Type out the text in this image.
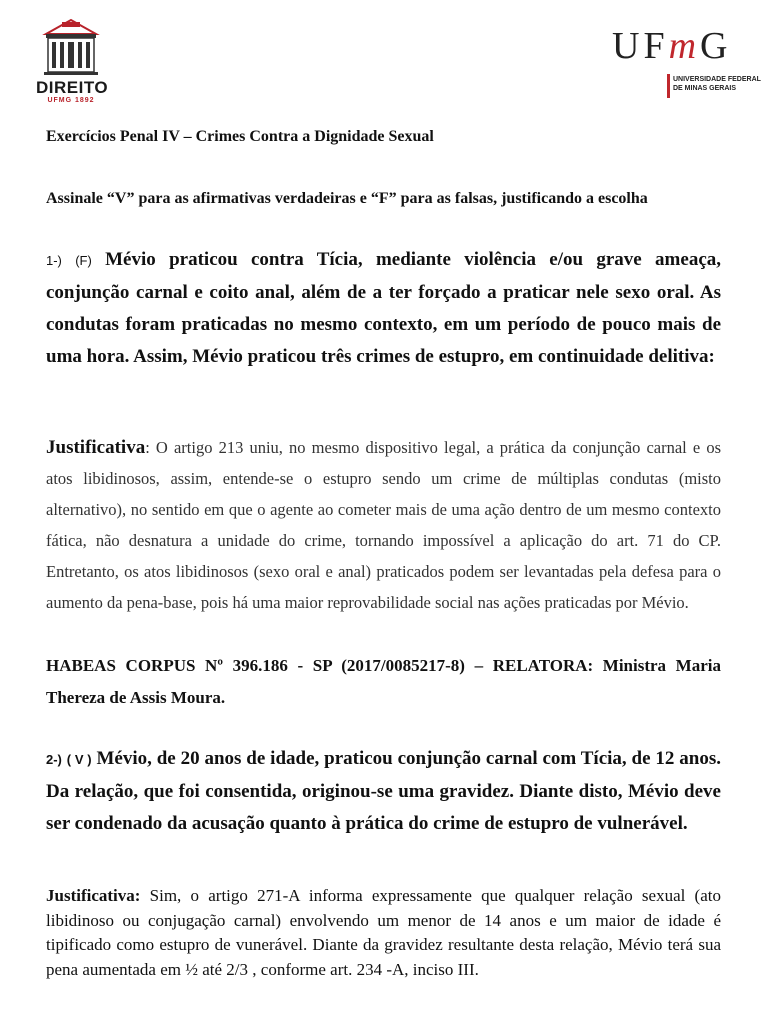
DIREITO
UFMG 1892
UFmG
UNIVERSIDADE FEDERAL
DE MINAS GERAIS
Exercícios Penal IV – Crimes Contra a Dignidade Sexual
Assinale “V” para as afirmativas verdadeiras e “F” para as falsas, justificando a escolha
1-) (F) Mévio praticou contra Tícia, mediante violência e/ou grave ameaça, conjunção carnal e coito anal, além de a ter forçado a praticar nele sexo oral. As condutas foram praticadas no mesmo contexto, em um período de pouco mais de uma hora. Assim, Mévio praticou três crimes de estupro, em continuidade delitiva:
Justificativa: O artigo 213 uniu, no mesmo dispositivo legal, a prática da conjunção carnal e os atos libidinosos, assim, entende-se o estupro sendo um crime de múltiplas condutas (misto alternativo), no sentido em que o agente ao cometer mais de uma ação dentro de um mesmo contexto fática, não desnatura a unidade do crime, tornando impossível a aplicação do art. 71 do CP. Entretanto, os atos libidinosos (sexo oral e anal) praticados podem ser levantadas pela defesa para o aumento da pena-base, pois há uma maior reprovabilidade social nas ações praticadas por Mévio.
HABEAS CORPUS Nº 396.186 - SP (2017/0085217-8) – RELATORA: Ministra Maria Thereza de Assis Moura.
2-) ( V ) Mévio, de 20 anos de idade, praticou conjunção carnal com Tícia, de 12 anos. Da relação, que foi consentida, originou-se uma gravidez. Diante disto, Mévio deve ser condenado da acusação quanto à prática do crime de estupro de vulnerável.
Justificativa: Sim, o artigo 271-A informa expressamente que qualquer relação sexual (ato libidinoso ou conjugação carnal) envolvendo um menor de 14 anos e um maior de idade é tipificado como estupro de vunerável. Diante da gravidez resultante desta relação, Mévio terá sua pena aumentada em ½ até 2/3 , conforme art. 234 -A, inciso III.
